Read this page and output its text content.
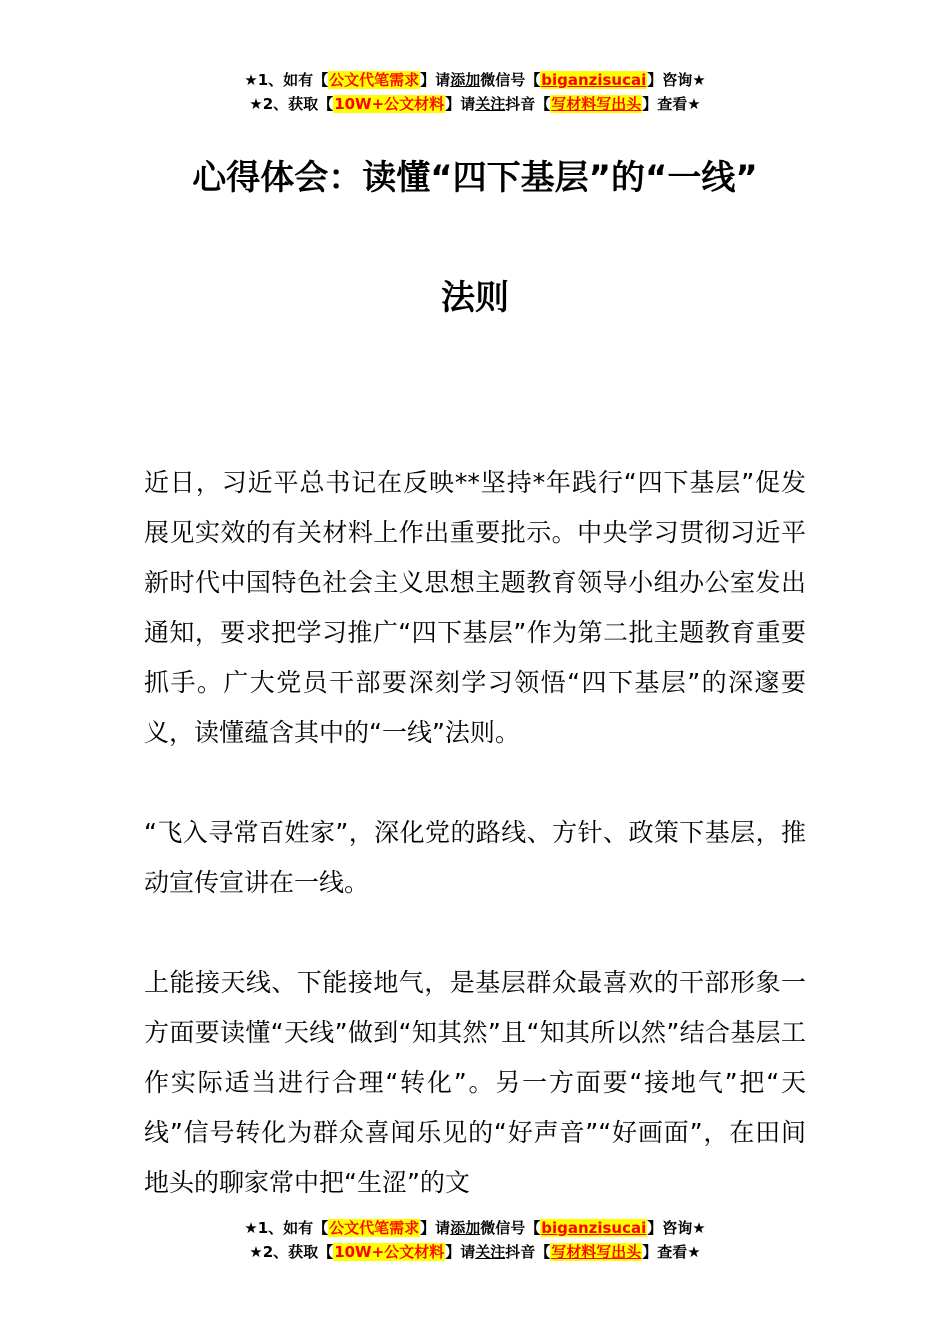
★1、如有【公文代笔需求】请添加微信号【biganzisucai】咨询★
★2、获取【10W+公文材料】请关注抖音【写材料写出头】查看★
心得体会：读懂“四下基层”的“一线”
法则

近日，习近平总书记在反映**坚持*年践行“四下基层”促发展见实效的有关材料上作出重要批示。中央学习贯彻习近平新时代中国特色社会主义思想主题教育领导小组办公室发出通知，要求把学习推广“四下基层”作为第二批主题教育重要抓手。广大党员干部要深刻学习领悟“四下基层”的深邃要义，读懂蕴含其中的“一线”法则。

“飞入寻常百姓家”，深化党的路线、方针、政策下基层，推动宣传宣讲在一线。

上能接天线、下能接地气，是基层群众最喜欢的干部形象一方面要读懂“天线”做到“知其然”且“知其所以然”结合基层工作实际适当进行合理“转化”。另一方面要“接地气”把“天线”信号转化为群众喜闻乐见的“好声音”“好画面”，在田间地头的聊家常中把“生涩”的文

★1、如有【公文代笔需求】请添加微信号【biganzisucai】咨询★
★2、获取【10W+公文材料】请关注抖音【写材料写出头】查看★
